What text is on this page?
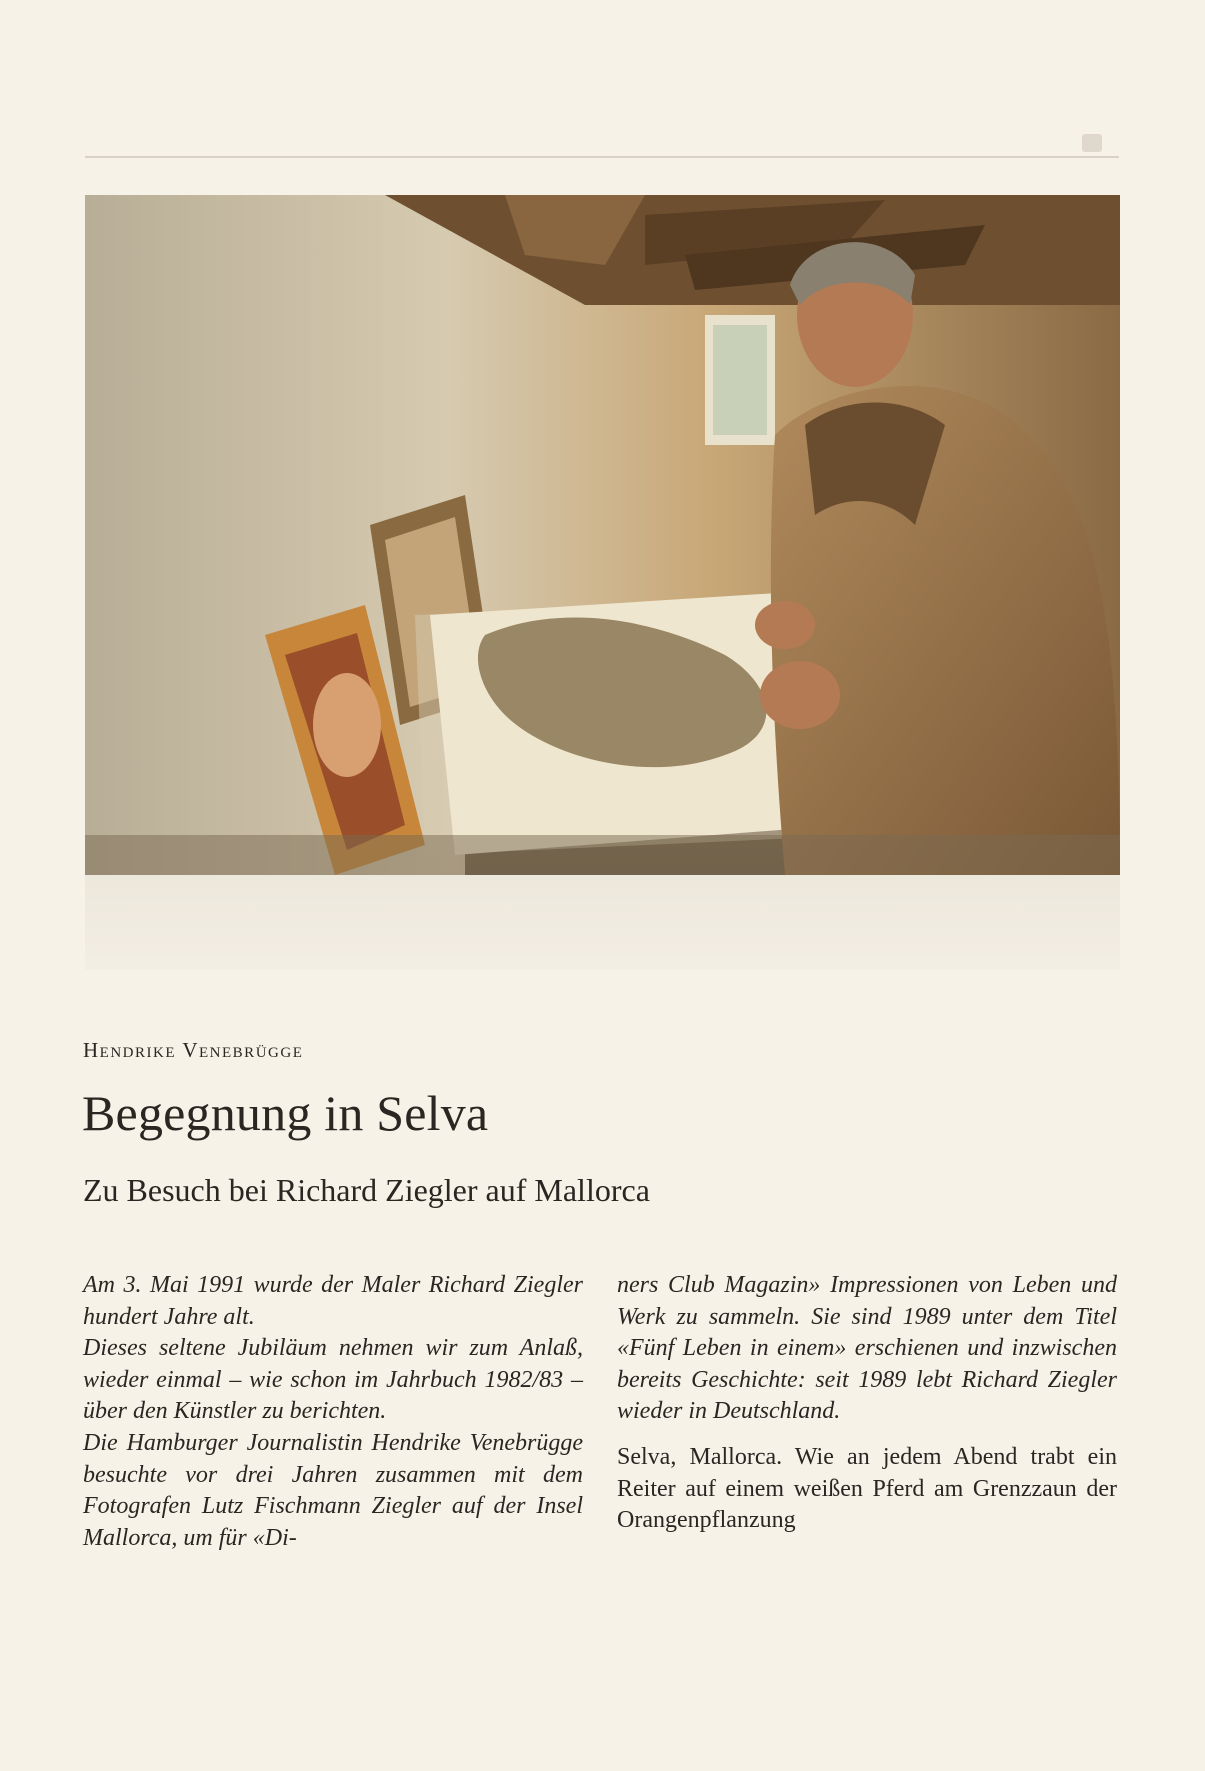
Hendrike Venebrügge

Begegnung in Selva
Zu Besuch bei Richard Ziegler auf Mallorca

Am 3. Mai 1991 wurde der Maler Richard Ziegler hundert Jahre alt.

Dieses seltene Jubiläum nehmen wir zum Anlaß, wieder einmal – wie schon im Jahrbuch 1982/83 – über den Künstler zu berichten.

Die Hamburger Journalistin Hendrike Venebrügge besuchte vor drei Jahren zusammen mit dem Fotografen Lutz Fischmann Ziegler auf der Insel Mallorca, um für «Di-

ners Club Magazin» Impressionen von Leben und Werk zu sammeln. Sie sind 1989 unter dem Titel «Fünf Leben in einem» erschienen und inzwischen bereits Geschichte: seit 1989 lebt Richard Ziegler wieder in Deutschland.

Selva, Mallorca. Wie an jedem Abend trabt ein Reiter auf einem weißen Pferd am Grenzzaun der Orangenpflanzung
